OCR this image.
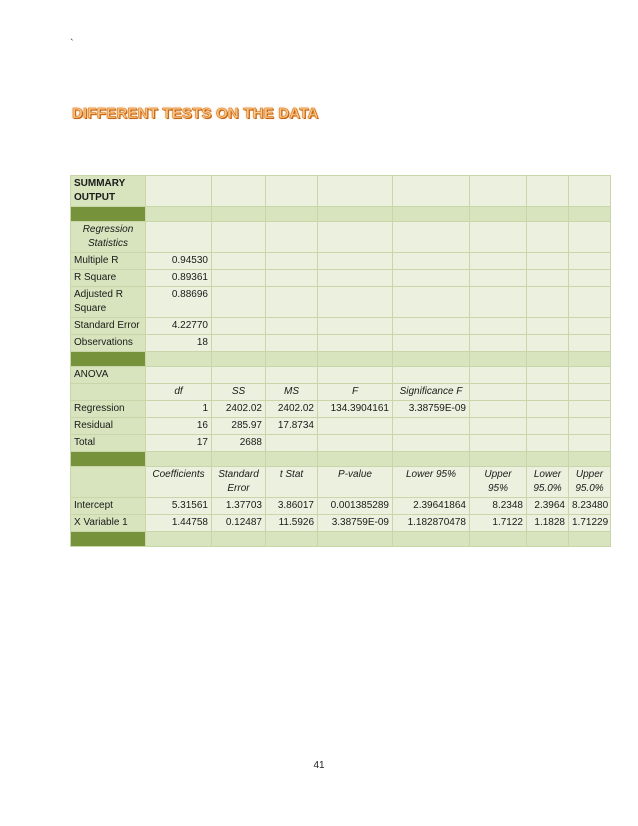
`
DIFFERENT TESTS ON THE DATA
SUMMARY OUTPUT								

Regression Statistics								
Multiple R	0.94530							
R Square	0.89361							
Adjusted R Square	0.88696							
Standard Error	4.22770							
Observations	18							

ANOVA								
	df	SS	MS	F	Significance F			
Regression	1	2402.02	2402.02	134.3904161	3.38759E-09			
Residual	16	285.97	17.8734					
Total	17	2688						

	Coefficients	Standard Error	t Stat	P-value	Lower 95%	Upper 95%	Lower 95.0%	Upper 95.0%
Intercept	5.31561	1.37703	3.86017	0.001385289	2.39641864	8.2348	2.3964	8.23480
X Variable 1	1.44758	0.12487	11.5926	3.38759E-09	1.182870478	1.7122	1.1828	1.71229

41
